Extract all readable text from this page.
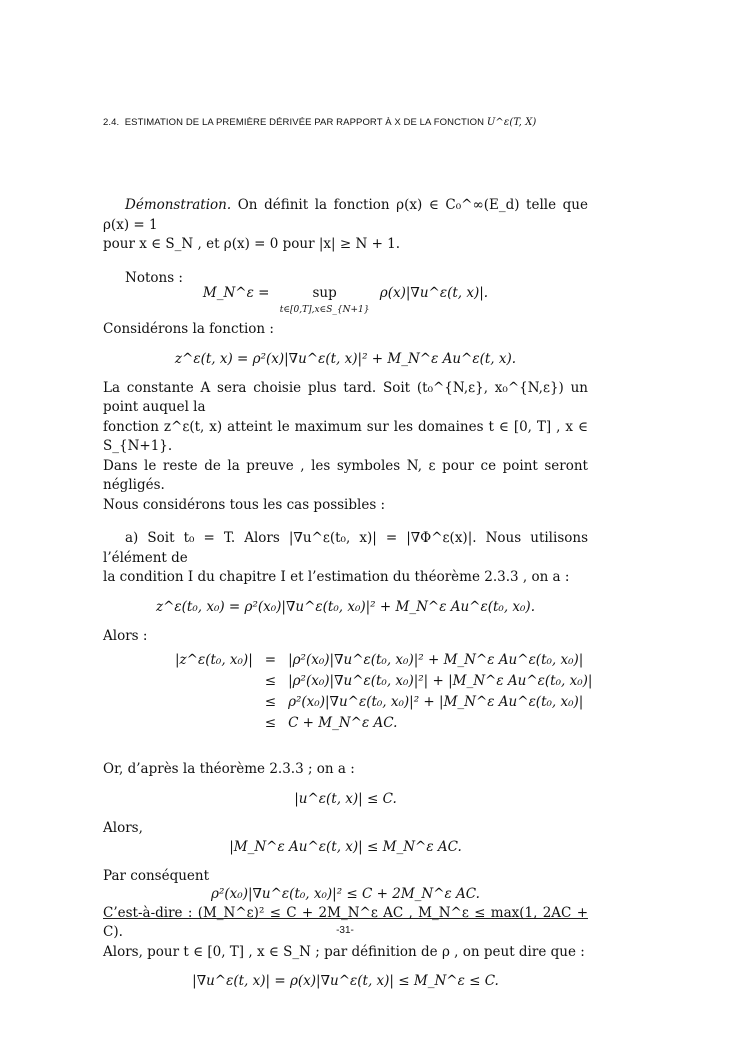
2.4. ESTIMATION DE LA PREMIÈRE DÉRIVÉE PAR RAPPORT À X DE LA FONCTION U^ε(T, X)

Démonstration. On définit la fonction ρ(x) ∈ C₀^∞(E_d) telle que ρ(x) = 1

pour x ∈ S_N , et ρ(x) = 0 pour |x| ≥ N + 1.

Notons :

M_N^ε =	sup
t∈[0,T],x∈S_{N+1}
ρ(x)|∇u^ε(t, x)|.

Considérons la fonction :

z^ε(t, x) = ρ²(x)|∇u^ε(t, x)|² + M_N^ε Au^ε(t, x).

La constante A sera choisie plus tard. Soit (t₀^{N,ε}, x₀^{N,ε}) un point auquel la

fonction z^ε(t, x) atteint le maximum sur les domaines t ∈ [0, T] , x ∈ S_{N+1}.

Dans le reste de la preuve , les symboles N, ε pour ce point seront négligés.

Nous considérons tous les cas possibles :

a) Soit t₀ = T. Alors |∇u^ε(t₀, x)| = |∇Φ^ε(x)|. Nous utilisons l’élément de

la condition I du chapitre I et l’estimation du théorème 2.3.3 , on a :

z^ε(t₀, x₀) = ρ²(x₀)|∇u^ε(t₀, x₀)|² + M_N^ε Au^ε(t₀, x₀).

Alors :

|z^ε(t₀, x₀)|	=	|ρ²(x₀)|∇u^ε(t₀, x₀)|² + M_N^ε Au^ε(t₀, x₀)|
	≤	|ρ²(x₀)|∇u^ε(t₀, x₀)|²| + |M_N^ε Au^ε(t₀, x₀)|
	≤	ρ²(x₀)|∇u^ε(t₀, x₀)|² + |M_N^ε Au^ε(t₀, x₀)|
	≤	C + M_N^ε AC.

Or, d’après la théorème 2.3.3 ; on a :

|u^ε(t, x)| ≤ C.

Alors,

|M_N^ε Au^ε(t, x)| ≤ M_N^ε AC.

Par conséquent

ρ²(x₀)|∇u^ε(t₀, x₀)|² ≤ C + 2M_N^ε AC.

C’est-à-dire : (M_N^ε)² ≤ C + 2M_N^ε AC , M_N^ε ≤ max(1, 2AC + C).

Alors, pour t ∈ [0, T] , x ∈ S_N ; par définition de ρ , on peut dire que :

|∇u^ε(t, x)| = ρ(x)|∇u^ε(t, x)| ≤ M_N^ε ≤ C.
-31-
